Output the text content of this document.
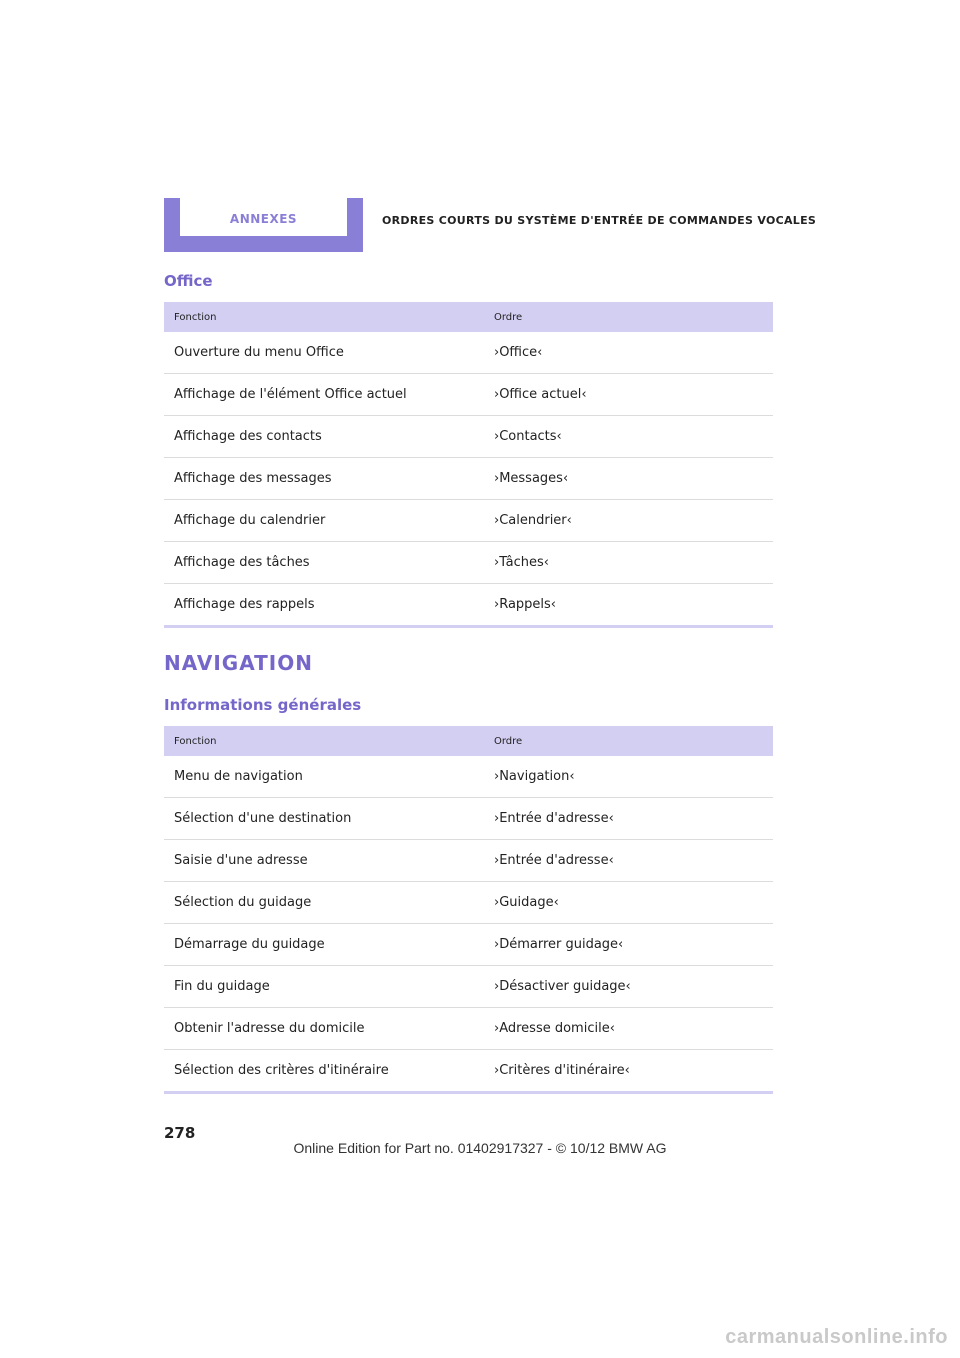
ANNEXES	ORDRES COURTS DU SYSTÈME D'ENTRÉE DE COMMANDES VOCALES
Office
Fonction	Ordre
Ouverture du menu Office	›Office‹
Affichage de l'élément Office actuel	›Office actuel‹
Affichage des contacts	›Contacts‹
Affichage des messages	›Messages‹
Affichage du calendrier	›Calendrier‹
Affichage des tâches	›Tâches‹
Affichage des rappels	›Rappels‹
NAVIGATION
Informations générales
Fonction	Ordre
Menu de navigation	›Navigation‹
Sélection d'une destination	›Entrée d'adresse‹
Saisie d'une adresse	›Entrée d'adresse‹
Sélection du guidage	›Guidage‹
Démarrage du guidage	›Démarrer guidage‹
Fin du guidage	›Désactiver guidage‹
Obtenir l'adresse du domicile	›Adresse domicile‹
Sélection des critères d'itinéraire	›Critères d'itinéraire‹
278
Online Edition for Part no. 01402917327 - © 10/12 BMW AG
carmanualsonline.info
